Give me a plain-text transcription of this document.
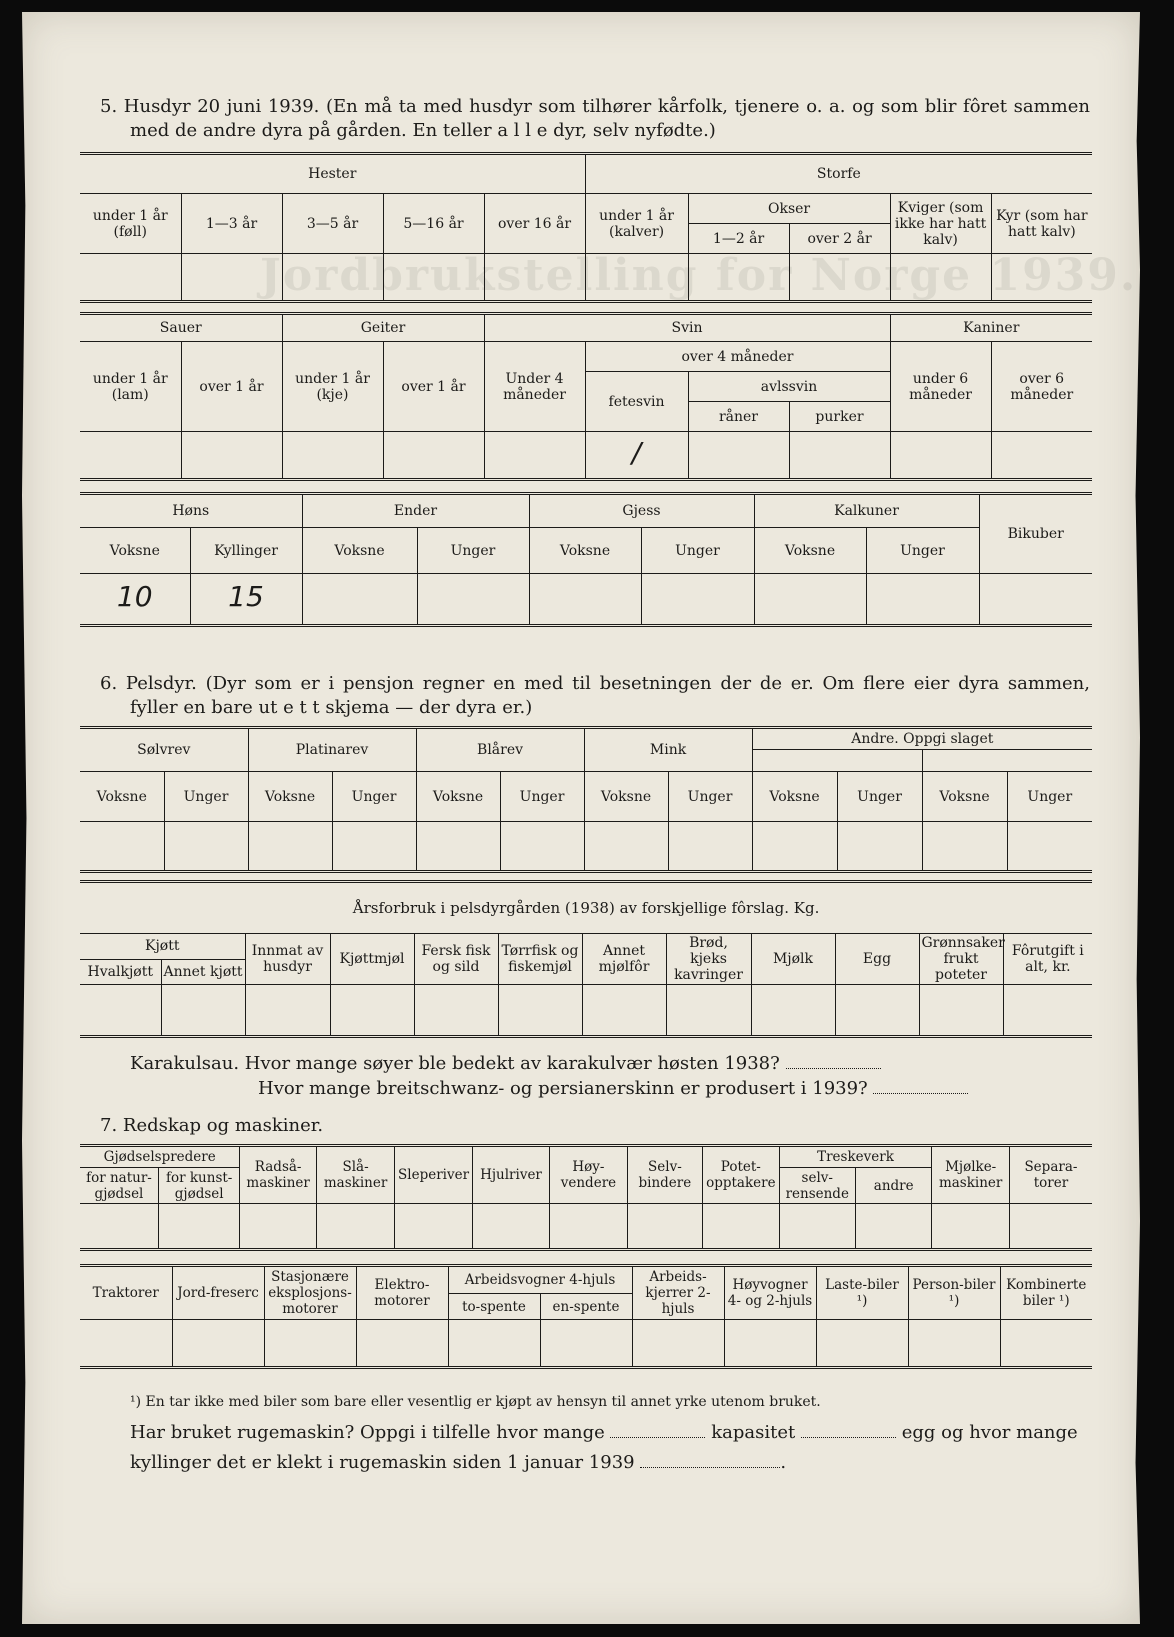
Jordbrukstelling for Norge 1939.
5. Husdyr 20 juni 1939. (En må ta med husdyr som tilhører kårfolk, tjenere o. a. og som blir fôret sammen
med de andre dyra på gården. En teller a l l e dyr, selv nyfødte.)
Hester					Storfe				
under 1 år (føll)	1—3 år	3—5 år	5—16 år	over 16 år	under 1 år (kalver)	Okser		Kviger (som ikke har hatt kalv)	Kyr (som har hatt kalv)
						1—2 år	over 2 år		

Sauer		Geiter		Svin				Kaniner	
under 1 år (lam)	over 1 år	under 1 år (kje)	over 1 år	Under 4 måneder	over 4 måneder			under 6 måneder	over 6 måneder
					fetesvin	avlssvin			
						råner	purker		
					/				
Høns		Ender		Gjess		Kalkuner		Bikuber
Voksne	Kyllinger	Voksne	Unger	Voksne	Unger	Voksne	Unger	
10	15							
6. Pelsdyr. (Dyr som er i pensjon regner en med til besetningen der de er. Om flere eier dyra sammen,
fyller en bare ut e t t skjema — der dyra er.)
Sølvrev		Platinarev		Blårev		Mink		Andre. Oppgi slaget			

Voksne	Unger	Voksne	Unger	Voksne	Unger	Voksne	Unger	Voksne	Unger	Voksne	Unger

Årsforbruk i pelsdyrgården (1938) av forskjellige fôrslag. Kg.											
Kjøtt		Innmat av husdyr	Kjøttmjøl	Fersk fisk og sild	Tørrfisk og fiskemjøl	Annet mjølfôr	Brød, kjeks kavringer	Mjølk	Egg	Grønnsaker frukt poteter	Fôrutgift i alt, kr.
Hvalkjøtt	Annet kjøtt										

Karakulsau. Hvor mange søyer ble bedekt av karakulvær høsten 1938?
Hvor mange breitschwanz- og persianerskinn er produsert i 1939?
7. Redskap og maskiner.
Gjødselspredere		Radså-maskiner	Slå-maskiner	Sleperiver	Hjulriver	Høy-vendere	Selv-bindere	Potet-opptakere	Treskeverk		Mjølke-maskiner	Separa-torer
for natur-gjødsel	for kunst-gjødsel								selv-rensende	andre		

Traktorer	Jord-freserc	Stasjonære eksplosjons-motorer	Elektro-motorer	Arbeidsvogner 4-hjuls		Arbeids-kjerrer 2-hjuls	Høyvogner 4- og 2-hjuls	Laste-biler ¹)	Person-biler ¹)	Kombinerte biler ¹)
				to-spente	en-spente					

¹) En tar ikke med biler som bare eller vesentlig er kjøpt av hensyn til annet yrke utenom bruket.
Har bruket rugemaskin? Oppgi i tilfelle hvor mange	kapasitet	egg og hvor mange
kyllinger det er klekt i rugemaskin siden 1 januar 1939	.
